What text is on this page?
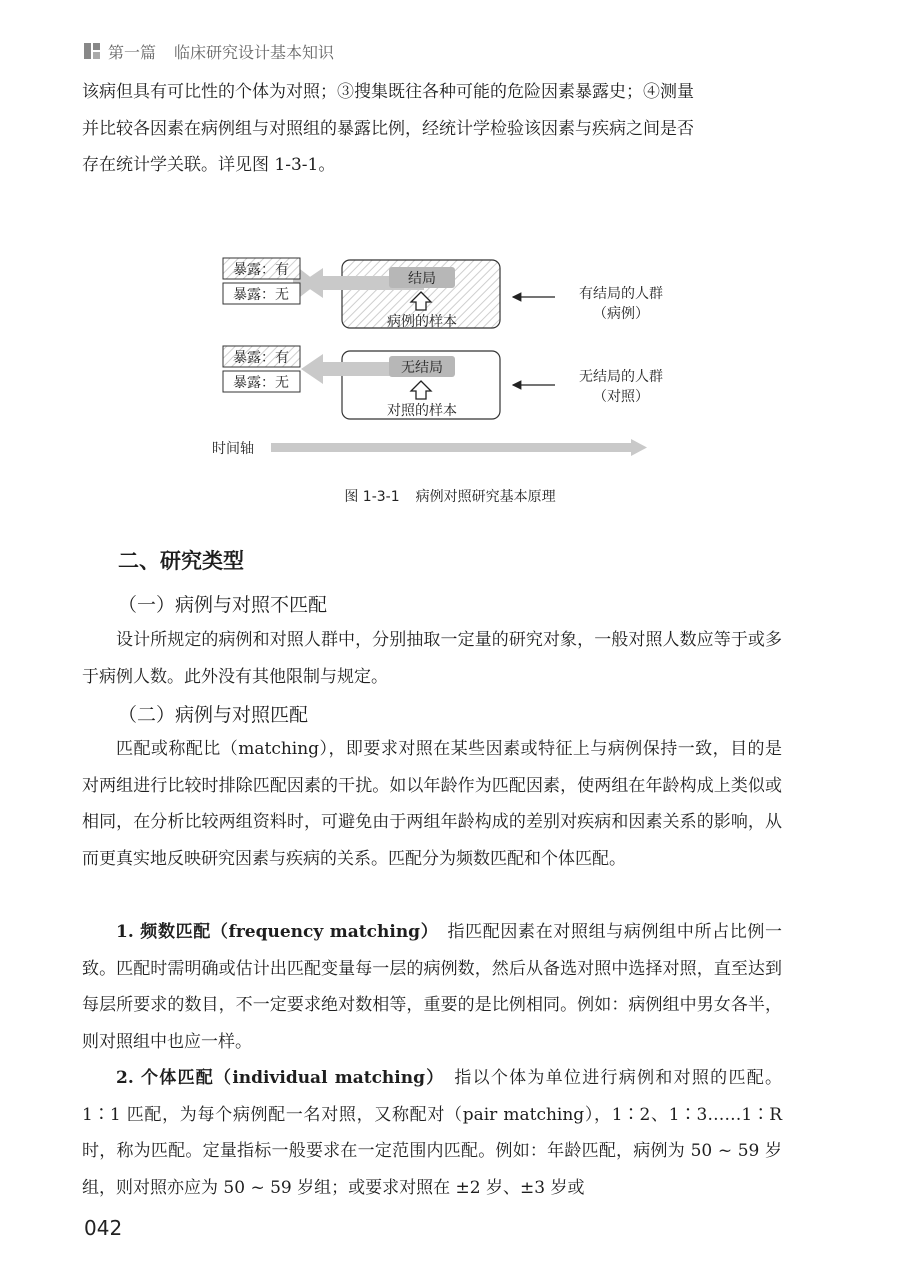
第一篇 临床研究设计基本知识
该病但具有可比性的个体为对照；③搜集既往各种可能的危险因素暴露史；④测量
并比较各因素在病例组与对照组的暴露比例，经统计学检验该因素与疾病之间是否
存在统计学关联。详见图 1-3-1。
结局
病例的样本
暴露：有
暴露：无	有结局的人群
（病例）
无结局
对照的样本
暴露：有
暴露：无	无结局的人群
（对照）
时间轴
图 1-3-1 病例对照研究基本原理
二、研究类型
（一）病例与对照不匹配
设计所规定的病例和对照人群中，分别抽取一定量的研究对象，一般对照人数应等于或多于病例人数。此外没有其他限制与规定。
（二）病例与对照匹配
匹配或称配比（matching），即要求对照在某些因素或特征上与病例保持一致，目的是对两组进行比较时排除匹配因素的干扰。如以年龄作为匹配因素，使两组在年龄构成上类似或相同，在分析比较两组资料时，可避免由于两组年龄构成的差别对疾病和因素关系的影响，从而更真实地反映研究因素与疾病的关系。匹配分为频数匹配和个体匹配。
1. 频数匹配（frequency matching）　 指匹配因素在对照组与病例组中所占比例一致。匹配时需明确或估计出匹配变量每一层的病例数，然后从备选对照中选择对照，直至达到每层所要求的数目，不一定要求绝对数相等，重要的是比例相同。例如：病例组中男女各半，则对照组中也应一样。
2. 个体匹配（individual matching）　 指以个体为单位进行病例和对照的匹配。1∶1 匹配，为每个病例配一名对照，又称配对（pair matching），1∶2、1∶3……1∶R 时，称为匹配。定量指标一般要求在一定范围内匹配。例如：年龄匹配，病例为 50 ~ 59 岁组，则对照亦应为 50 ~ 59 岁组；或要求对照在 ±2 岁、±3 岁或
042
